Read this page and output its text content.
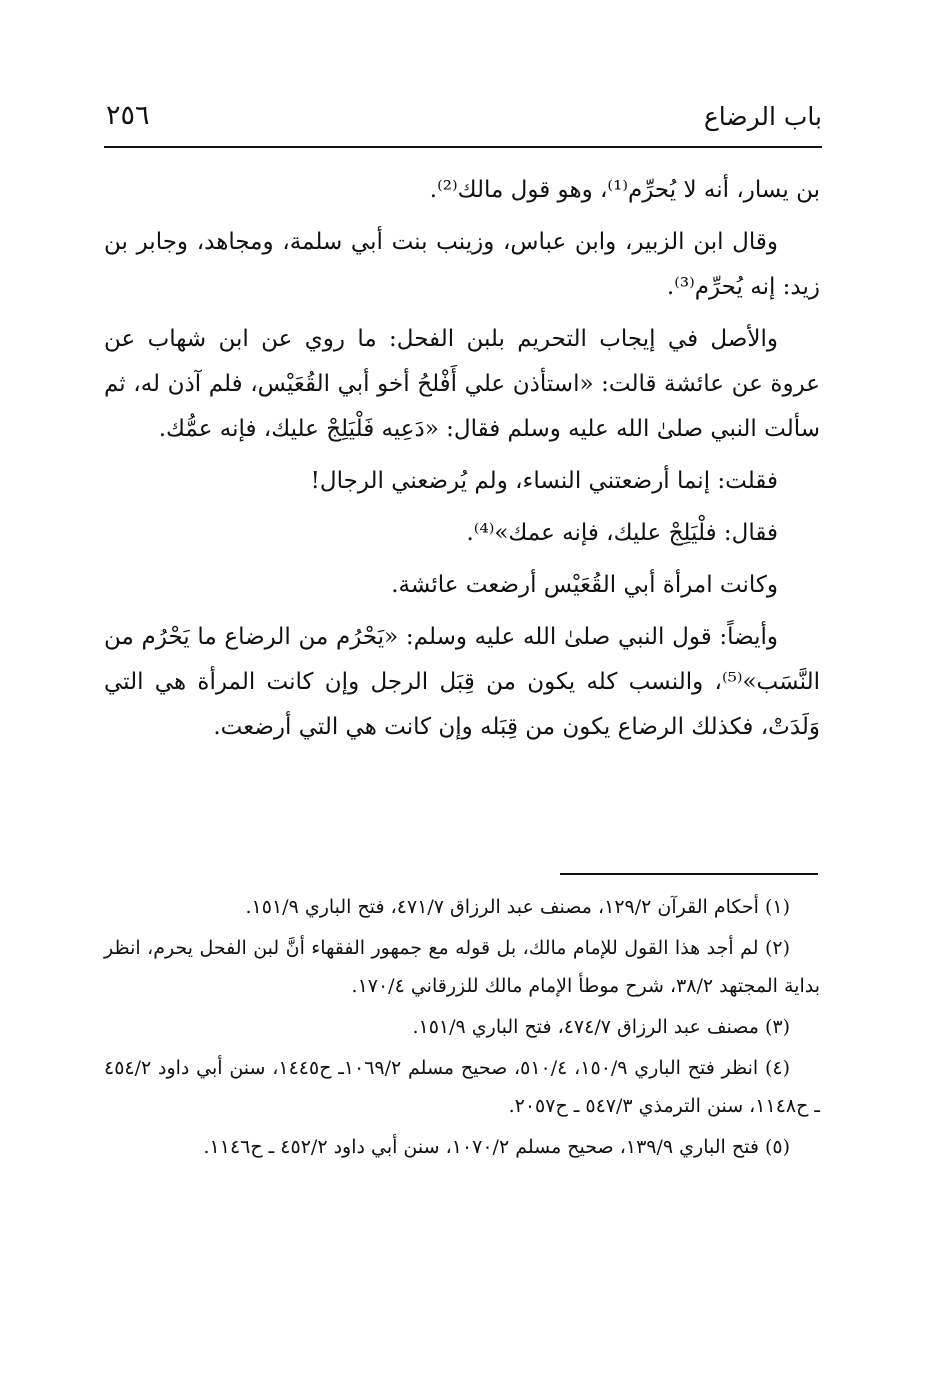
باب الرضاع
٢٥٦

بن يسار، أنه لا يُحرِّم⁽¹⁾، وهو قول مالك⁽²⁾.

وقال ابن الزبير، وابن عباس، وزينب بنت أبي سلمة، ومجاهد، وجابر بن زيد: إنه يُحرِّم⁽³⁾.

والأصل في إيجاب التحريم بلبن الفحل: ما روي عن ابن شهاب عن عروة عن عائشة قالت: «استأذن علي أَفْلحُ أخو أبي القُعَيْس، فلم آذن له، ثم سألت النبي صلىٰ الله عليه وسلم فقال: «دَعِيه فَلْيَلِجْ عليك، فإنه عمُّك.

فقلت: إنما أرضعتني النساء، ولم يُرضعني الرجال!

فقال: فلْيَلِجْ عليك، فإنه عمك»⁽⁴⁾.

وكانت امرأة أبي القُعَيْس أرضعت عائشة.

وأيضاً: قول النبي صلىٰ الله عليه وسلم: «يَحْرُم من الرضاع ما يَحْرُم من النَّسَب»⁽⁵⁾، والنسب كله يكون من قِبَل الرجل وإن كانت المرأة هي التي وَلَدَتْ، فكذلك الرضاع يكون من قِبَله وإن كانت هي التي أرضعت.

(١) أحكام القرآن ١٢٩/٢، مصنف عبد الرزاق ٤٧١/٧، فتح الباري ١٥١/٩.

(٢) لم أجد هذا القول للإمام مالك، بل قوله مع جمهور الفقهاء أنَّ لبن الفحل يحرم، انظر بداية المجتهد ٣٨/٢، شرح موطأ الإمام مالك للزرقاني ١٧٠/٤.

(٣) مصنف عبد الرزاق ٤٧٤/٧، فتح الباري ١٥١/٩.

(٤) انظر فتح الباري ١٥٠/٩، ٥١٠/٤، صحيح مسلم ١٠٦٩/٢ـ ح١٤٤٥، سنن أبي داود ٤٥٤/٢ ـ ح١١٤٨، سنن الترمذي ٥٤٧/٣ ـ ح٢٠٥٧.

(٥) فتح الباري ١٣٩/٩، صحيح مسلم ١٠٧٠/٢، سنن أبي داود ٤٥٢/٢ ـ ح١١٤٦.
